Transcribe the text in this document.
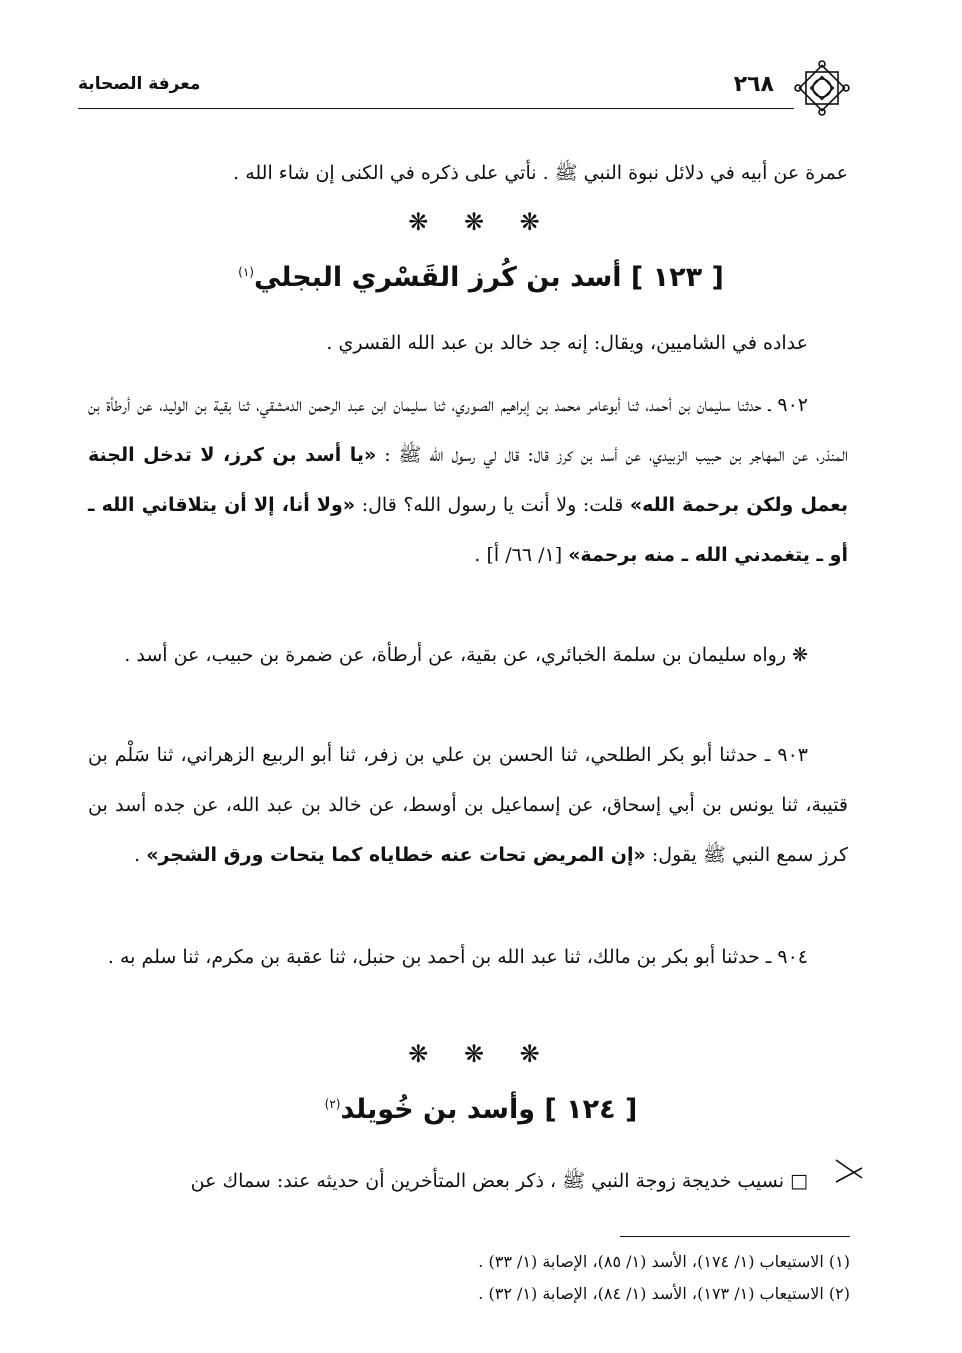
٢٦٨
معرفة الصحابة
عمرة عن أبيه في دلائل نبوة النبي ﷺ . نأتي على ذكره في الكنى إن شاء الله .
❋ ❋ ❋
[ ١٢٣ ] أسد بن كُرز القَسْري البجلي$^{(١)}$
عداده في الشاميين، ويقال: إنه جد خالد بن عبد الله القسري .
٩٠٢ ـ حدثنا سليمان بن أحمد، ثنا أبوعامر محمد بن إبراهيم الصوري، ثنا سليمان ابن عبد الرحمن الدمشقي، ثنا بقية بن الوليد، عن أرطأة بن المنذر، عن المهاجر بن حبيب الزبيدي، عن أسد بن كرز قال: قال لي رسول الله ﷺ : «يا أسد بن كرز، لا تدخل الجنة بعمل ولكن برحمة الله» قلت: ولا أنت يا رسول الله؟ قال: «ولا أنا، إلا أن يتلاقاني الله ـ أو ـ يتغمدني الله ـ منه برحمة» [١/ ٦٦/ أ] .
❋ رواه سليمان بن سلمة الخبائري، عن بقية، عن أرطأة، عن ضمرة بن حبيب، عن أسد .
٩٠٣ ـ حدثنا أبو بكر الطلحي، ثنا الحسن بن علي بن زفر، ثنا أبو الربيع الزهراني، ثنا سَلْم بن قتيبة، ثنا يونس بن أبي إسحاق، عن إسماعيل بن أوسط، عن خالد بن عبد الله، عن جده أسد بن كرز سمع النبي ﷺ يقول: «إن المريض تحات عنه خطاياه كما يتحات ورق الشجر» .
٩٠٤ ـ حدثنا أبو بكر بن مالك، ثنا عبد الله بن أحمد بن حنبل، ثنا عقبة بن مكرم، ثنا سلم به .
❋ ❋ ❋
[ ١٢٤ ] وأسد بن خُويلد$^{(٢)}$
□ نسيب خديجة زوجة النبي ﷺ ، ذكر بعض المتأخرين أن حديثه عند: سماك عن
(١) الاستيعاب (١/ ١٧٤)، الأسد (١/ ٨٥)، الإصابة (١/ ٣٣) .
(٢) الاستيعاب (١/ ١٧٣)، الأسد (١/ ٨٤)، الإصابة (١/ ٣٢) .
